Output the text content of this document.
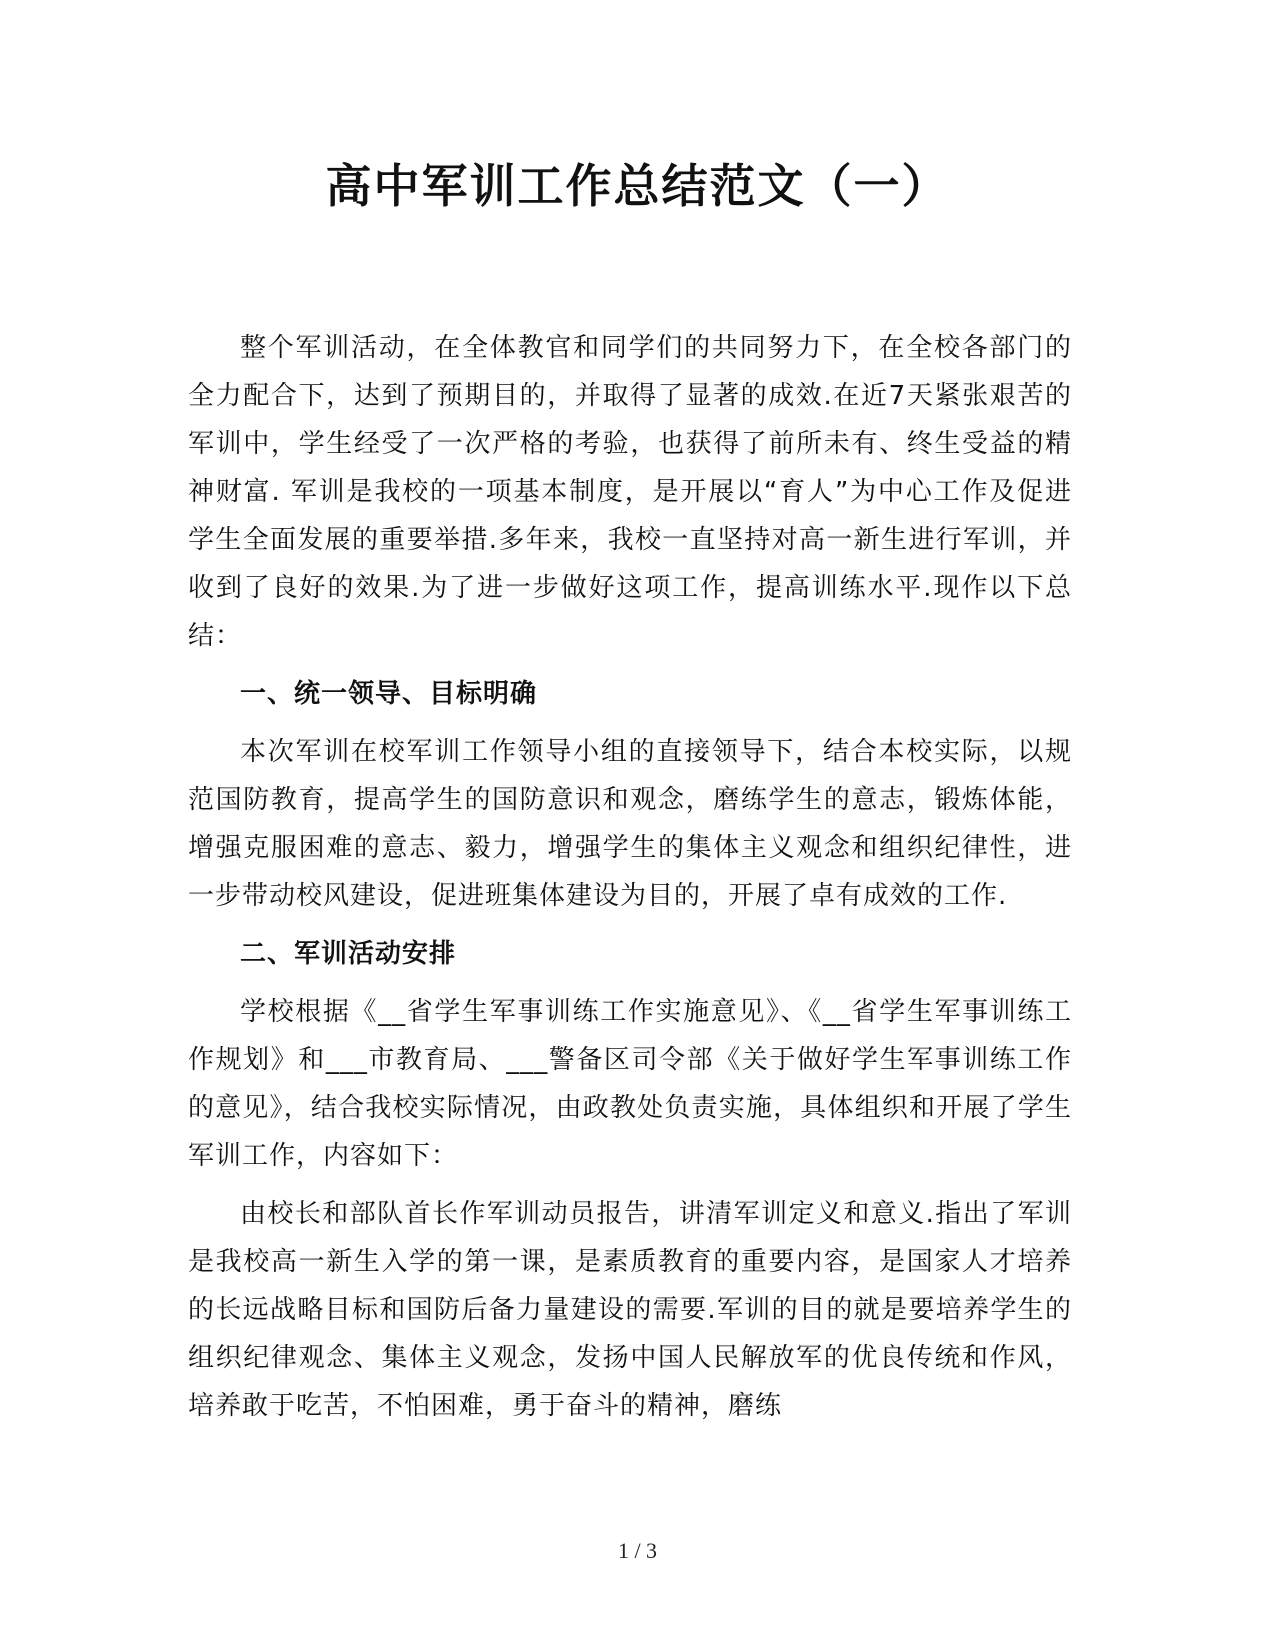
高中军训工作总结范文（一）

整个军训活动，在全体教官和同学们的共同努力下，在全校各部门的全力配合下，达到了预期目的，并取得了显著的成效.在近7天紧张艰苦的军训中，学生经受了一次严格的考验，也获得了前所未有、终生受益的精神财富. 军训是我校的一项基本制度，是开展以“育人”为中心工作及促进学生全面发展的重要举措.多年来，我校一直坚持对高一新生进行军训，并收到了良好的效果.为了进一步做好这项工作，提高训练水平.现作以下总结：

一、统一领导、目标明确

本次军训在校军训工作领导小组的直接领导下，结合本校实际，以规范国防教育，提高学生的国防意识和观念，磨练学生的意志，锻炼体能，增强克服困难的意志、毅力，增强学生的集体主义观念和组织纪律性，进一步带动校风建设，促进班集体建设为目的，开展了卓有成效的工作.

二、军训活动安排

学校根据《__省学生军事训练工作实施意见》、《__省学生军事训练工作规划》和___市教育局、___警备区司令部《关于做好学生军事训练工作的意见》，结合我校实际情况，由政教处负责实施，具体组织和开展了学生军训工作，内容如下：

由校长和部队首长作军训动员报告，讲清军训定义和意义.指出了军训是我校高一新生入学的第一课，是素质教育的重要内容，是国家人才培养的长远战略目标和国防后备力量建设的需要.军训的目的就是要培养学生的组织纪律观念、集体主义观念，发扬中国人民解放军的优良传统和作风，培养敢于吃苦，不怕困难，勇于奋斗的精神，磨练

1 / 3
